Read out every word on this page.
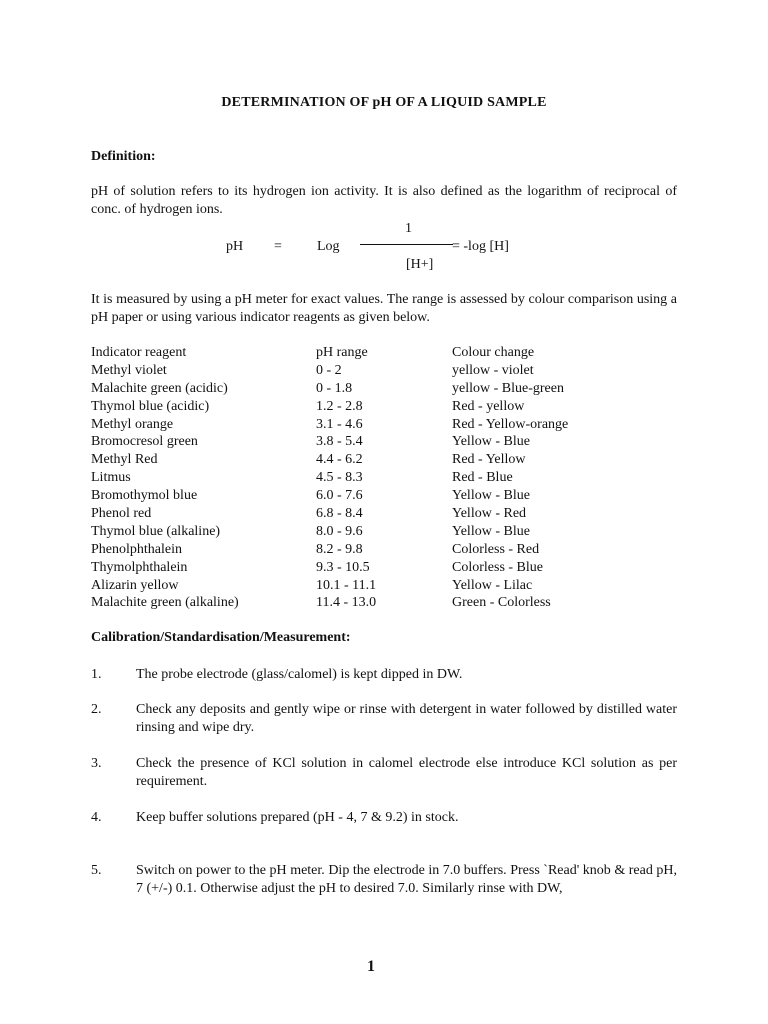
DETERMINATION OF pH OF A LIQUID SAMPLE
Definition:
pH of solution refers to its hydrogen ion activity. It is also defined as the logarithm of reciprocal of conc. of hydrogen ions.
pH =	Log
1
= -log [H]
[H+]
It is measured by using a pH meter for exact values. The range is assessed by colour comparison using a pH paper or using various indicator reagents as given below.
Indicator reagent	pH range	Colour change
Methyl violet	0 - 2	yellow - violet
Malachite green (acidic)	0 - 1.8	yellow - Blue-green
Thymol blue (acidic)	1.2 - 2.8	Red - yellow
Methyl orange	3.1 - 4.6	Red - Yellow-orange
Bromocresol green	3.8 - 5.4	Yellow - Blue
Methyl Red	4.4 - 6.2	Red - Yellow
Litmus	4.5 - 8.3	Red - Blue
Bromothymol blue	6.0 - 7.6	Yellow - Blue
Phenol red	6.8 - 8.4	Yellow - Red
Thymol blue (alkaline)	8.0 - 9.6	Yellow - Blue
Phenolphthalein	8.2 - 9.8	Colorless - Red
Thymolphthalein	9.3 - 10.5	Colorless - Blue
Alizarin yellow	10.1 - 11.1	Yellow - Lilac
Malachite green (alkaline)	11.4 - 13.0	Green - Colorless
Calibration/Standardisation/Measurement:
1. The probe electrode (glass/calomel) is kept dipped in DW.
2. Check any deposits and gently wipe or rinse with detergent in water followed by distilled water rinsing and wipe dry.
3. Check the presence of KCl solution in calomel electrode else introduce KCl solution as per requirement.
4. Keep buffer solutions prepared (pH - 4, 7 & 9.2) in stock.
5. Switch on power to the pH meter. Dip the electrode in 7.0 buffers. Press `Read' knob & read pH, 7 (+/-) 0.1. Otherwise adjust the pH to desired 7.0. Similarly rinse with DW,
1
